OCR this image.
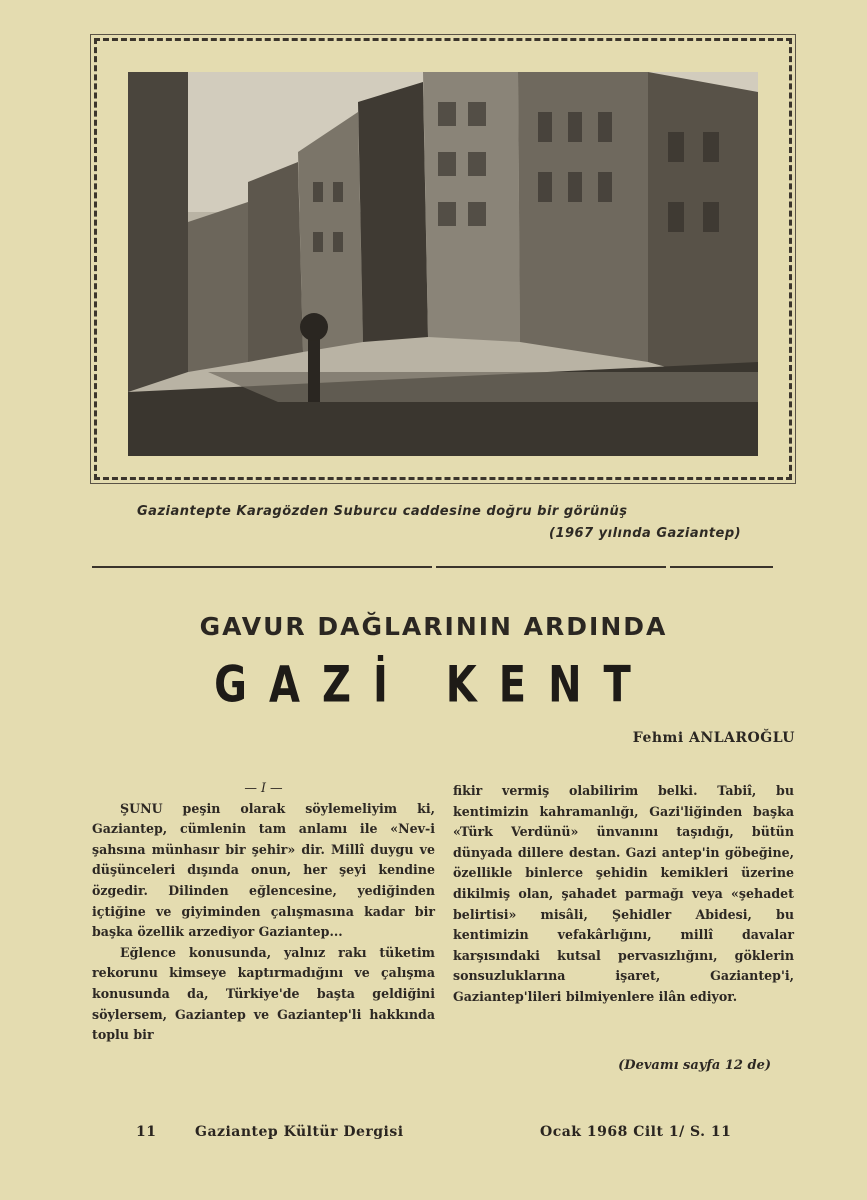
Gaziantepte Karagözden Suburcu caddesine doğru bir görünüş
(1967 yılında Gaziantep)
GAVUR DAĞLARININ ARDINDA
GAZİ KENT
Fehmi ANLAROĞLU

— I —

ŞUNU peşin olarak söylemeliyim ki, Gaziantep, cümlenin tam anlamı ile «Nev-i şahsına münhasır bir şehir» dir. Millî duygu ve düşünceleri dışında onun, her şeyi kendine özgedir. Dilinden eğlencesine, yediğinden içtiğine ve giyiminden çalışmasına kadar bir başka özellik arzediyor Gaziantep...

Eğlence konusunda, yalnız rakı tüketim rekorunu kimseye kaptırmadığını ve çalışma konusunda da, Türkiye'de başta geldiğini söylersem, Gaziantep ve Gaziantep'li hakkında toplu bir

fikir vermiş olabilirim belki. Tabiî, bu kentimizin kahramanlığı, Gazi'liğinden başka «Türk Verdünü» ünvanını taşıdığı, bütün dünyada dillere destan. Gazi antep'in göbeğine, özellikle binlerce şehidin kemikleri üzerine dikilmiş olan, şahadet parmağı veya «şehadet belirtisi» misâli, Şehidler Abidesi, bu kentimizin vefakârlığını, millî davalar karşısındaki kutsal pervasızlığını, göklerin sonsuzluklarına işaret, Gaziantep'i, Gaziantep'lileri bilmiyenlere ilân ediyor.

(Devamı sayfa 12 de)
11	Gaziantep Kültür Dergisi	Ocak 1968 Cilt 1/ S. 11
